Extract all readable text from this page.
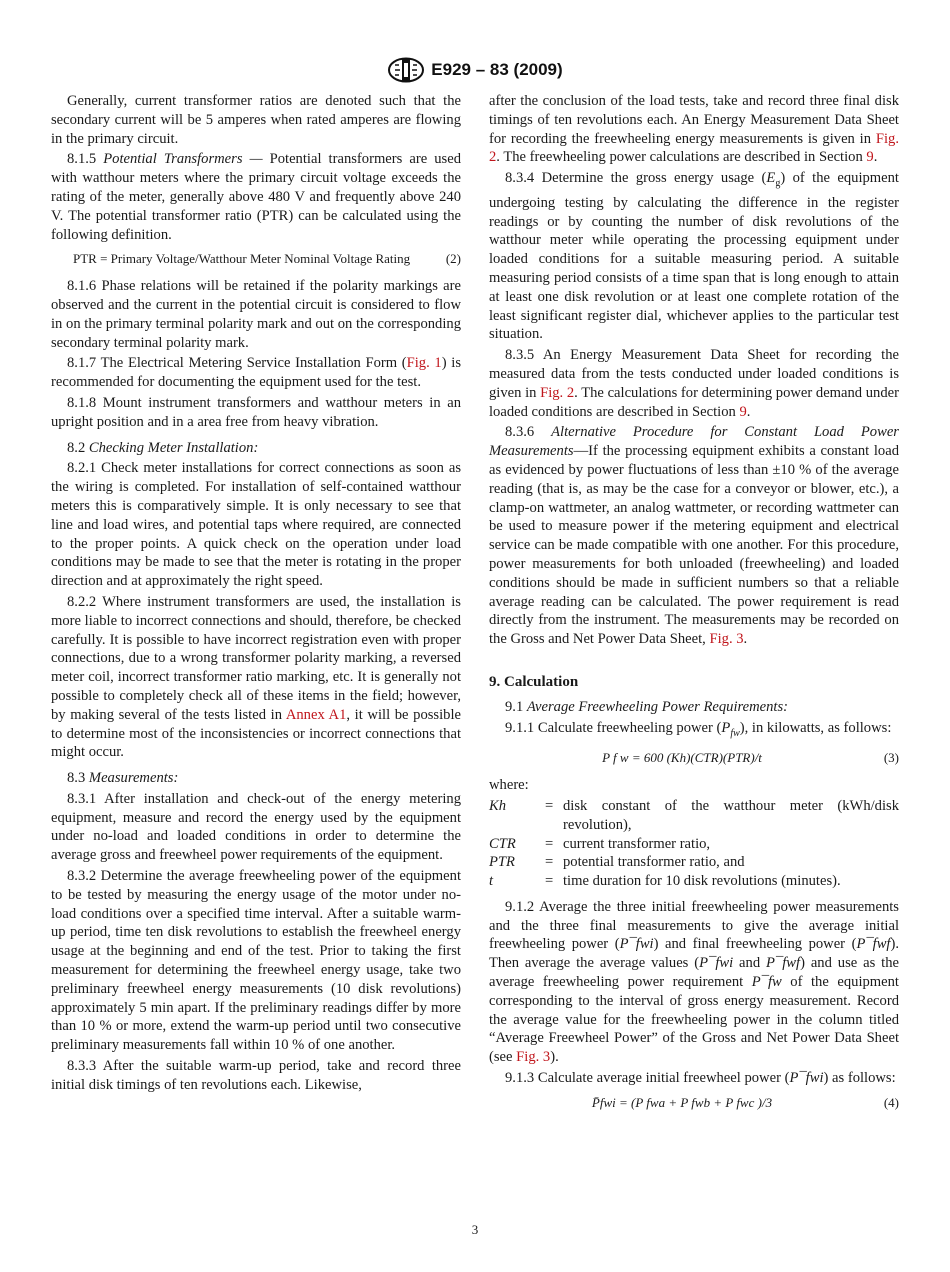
E929 – 83 (2009)

Generally, current transformer ratios are denoted such that the secondary current will be 5 amperes when rated amperes are flowing in the primary circuit.

8.1.5 Potential Transformers — Potential transformers are used with watthour meters where the primary circuit voltage exceeds the rating of the meter, generally above 480 V and frequently above 240 V. The potential transformer ratio (PTR) can be calculated using the following definition.

PTR = Primary Voltage/Watthour Meter Nominal Voltage Rating	(2)

8.1.6 Phase relations will be retained if the polarity markings are observed and the current in the potential circuit is considered to flow in on the primary terminal polarity mark and out on the corresponding secondary terminal polarity mark.

8.1.7 The Electrical Metering Service Installation Form (Fig. 1) is recommended for documenting the equipment used for the test.

8.1.8 Mount instrument transformers and watthour meters in an upright position and in a area free from heavy vibration.

8.2 Checking Meter Installation:

8.2.1 Check meter installations for correct connections as soon as the wiring is completed. For installation of self-contained watthour meters this is comparatively simple. It is only necessary to see that line and load wires, and potential taps where required, are connected to the proper points. A quick check on the operation under load conditions may be made to see that the meter is rotating in the proper direction and at approximately the right speed.

8.2.2 Where instrument transformers are used, the installation is more liable to incorrect connections and should, therefore, be checked carefully. It is possible to have incorrect registration even with proper connections, due to a wrong transformer polarity marking, a reversed meter coil, incorrect transformer ratio marking, etc. It is generally not possible to completely check all of these items in the field; however, by making several of the tests listed in Annex A1, it will be possible to determine most of the inconsistencies or incorrect connections that might occur.

8.3 Measurements:

8.3.1 After installation and check-out of the energy metering equipment, measure and record the energy used by the equipment under no-load and loaded conditions in order to determine the average gross and freewheel power requirements of the equipment.

8.3.2 Determine the average freewheeling power of the equipment to be tested by measuring the energy usage of the motor under no-load conditions over a specified time interval. After a suitable warm-up period, time ten disk revolutions to establish the freewheel energy usage at the beginning and end of the test. Prior to taking the first measurement for determining the freewheel energy usage, take two preliminary freewheel energy measurements (10 disk revolutions) approximately 5 min apart. If the preliminary readings differ by more than 10 % or more, extend the warm-up period until two consecutive preliminary measurements fall within 10 % of one another.

8.3.3 After the suitable warm-up period, take and record three initial disk timings of ten revolutions each. Likewise,

after the conclusion of the load tests, take and record three final disk timings of ten revolutions each. An Energy Measurement Data Sheet for recording the freewheeling energy measurements is given in Fig. 2. The freewheeling power calculations are described in Section 9.

8.3.4 Determine the gross energy usage $(E_g)$ of the equipment undergoing testing by calculating the difference in the register readings or by counting the number of disk revolutions of the watthour meter while operating the processing equipment under loaded conditions for a suitable measuring period. A suitable measuring period consists of a time span that is long enough to attain at least one disk revolution or at least one complete rotation of the least significant register dial, whichever applies to the particular test situation.

8.3.5 An Energy Measurement Data Sheet for recording the measured data from the tests conducted under loaded conditions is given in Fig. 2. The calculations for determining power demand under loaded conditions are described in Section 9.

8.3.6 Alternative Procedure for Constant Load Power Measurements—If the processing equipment exhibits a constant load as evidenced by power fluctuations of less than ±10 % of the average reading (that is, as may be the case for a conveyor or blower, etc.), a clamp-on wattmeter, an analog wattmeter, or recording wattmeter can be used to measure power if the metering equipment and electrical service can be made compatible with one another. For this procedure, power measurements for both unloaded (freewheeling) and loaded conditions should be made in sufficient numbers so that a reliable average reading can be calculated. The power requirement is read directly from the instrument. The measurements may be recorded on the Gross and Net Power Data Sheet, Fig. 3.

9. Calculation

9.1 Average Freewheeling Power Requirements:

9.1.1 Calculate freewheeling power $(P_{fw})$, in kilowatts, as follows:

P f w = 600 (Kh)(CTR)(PTR)/t	(3)

where:

Kh	=	disk constant of the watthour meter (kWh/disk revolution),
CTR	=	current transformer ratio,
PTR	=	potential transformer ratio, and
t	=	time duration for 10 disk revolutions (minutes).

9.1.2 Average the three initial freewheeling power measurements and the three final measurements to give the average initial freewheeling power (P¯fwi) and final freewheeling power (P¯fwf). Then average the average values (P¯fwi and P¯fwf) and use as the average freewheeling power requirement P¯fw of the equipment corresponding to the interval of gross energy measurement. Record the average value for the freewheeling power in the column titled “Average Freewheel Power” of the Gross and Net Power Data Sheet (see Fig. 3).

9.1.3 Calculate average initial freewheel power (P¯fwi) as follows:

P̄fwi = (P fwa + P fwb + P fwc )/3	(4)
3
